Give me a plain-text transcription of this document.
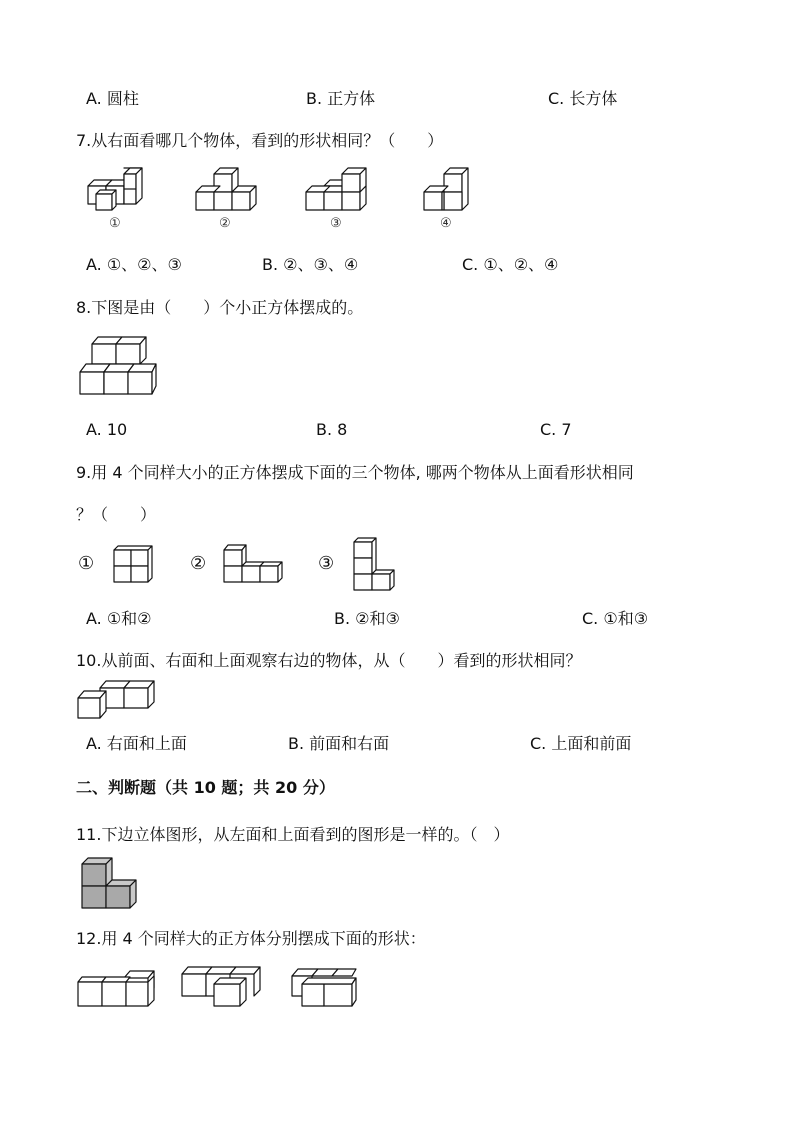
A. 圆柱	B. 正方体	C. 长方体
7.从右面看哪几个物体，看到的形状相同？（　　）
①	②	③	④
A. ①、②、③	B. ②、③、④	C. ①、②、④
8.下图是由（　　）个小正方体摆成的。
A. 10	B. 8	C. 7
9.用 4 个同样大小的正方体摆成下面的三个物体, 哪两个物体从上面看形状相同
？（　　）
①	②	③
A. ①和②	B. ②和③	C. ①和③
10.从前面、右面和上面观察右边的物体，从（　　）看到的形状相同？
A. 右面和上面	B. 前面和右面	C. 上面和前面
二、判断题（共 10 题；共 20 分）
11.下边立体图形，从左面和上面看到的图形是一样的。（　）
12.用 4 个同样大的正方体分别摆成下面的形状：
